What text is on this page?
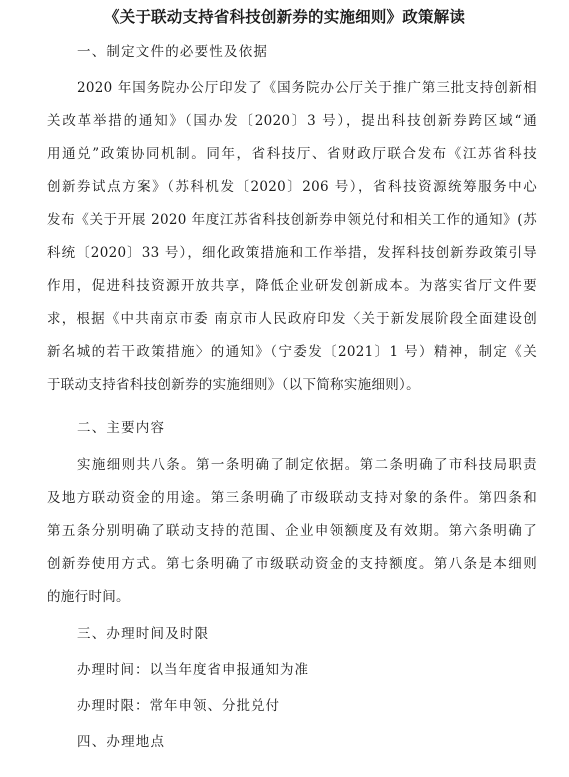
《关于联动支持省科技创新券的实施细则》政策解读
一、制定文件的必要性及依据
2020 年国务院办公厅印发了《国务院办公厅关于推广第三批支持创新相
关改革举措的通知》（国办发〔2020〕3 号），提出科技创新券跨区域“通
用通兑”政策协同机制。同年，省科技厅、省财政厅联合发布《江苏省科技
创新券试点方案》（苏科机发〔2020〕206 号），省科技资源统筹服务中心
发布《关于开展 2020 年度江苏省科技创新券申领兑付和相关工作的通知》(苏
科统〔2020〕33 号），细化政策措施和工作举措，发挥科技创新券政策引导
作用，促进科技资源开放共享，降低企业研发创新成本。为落实省厅文件要
求，根据《中共南京市委 南京市人民政府印发〈关于新发展阶段全面建设创
新名城的若干政策措施〉的通知》（宁委发〔2021〕1 号）精神，制定《关
于联动支持省科技创新券的实施细则》（以下简称实施细则）。
二、主要内容
实施细则共八条。第一条明确了制定依据。第二条明确了市科技局职责
及地方联动资金的用途。第三条明确了市级联动支持对象的条件。第四条和
第五条分别明确了联动支持的范围、企业申领额度及有效期。第六条明确了
创新券使用方式。第七条明确了市级联动资金的支持额度。第八条是本细则
的施行时间。
三、办理时间及时限
办理时间：以当年度省申报通知为准
办理时限：常年申领、分批兑付
四、办理地点
